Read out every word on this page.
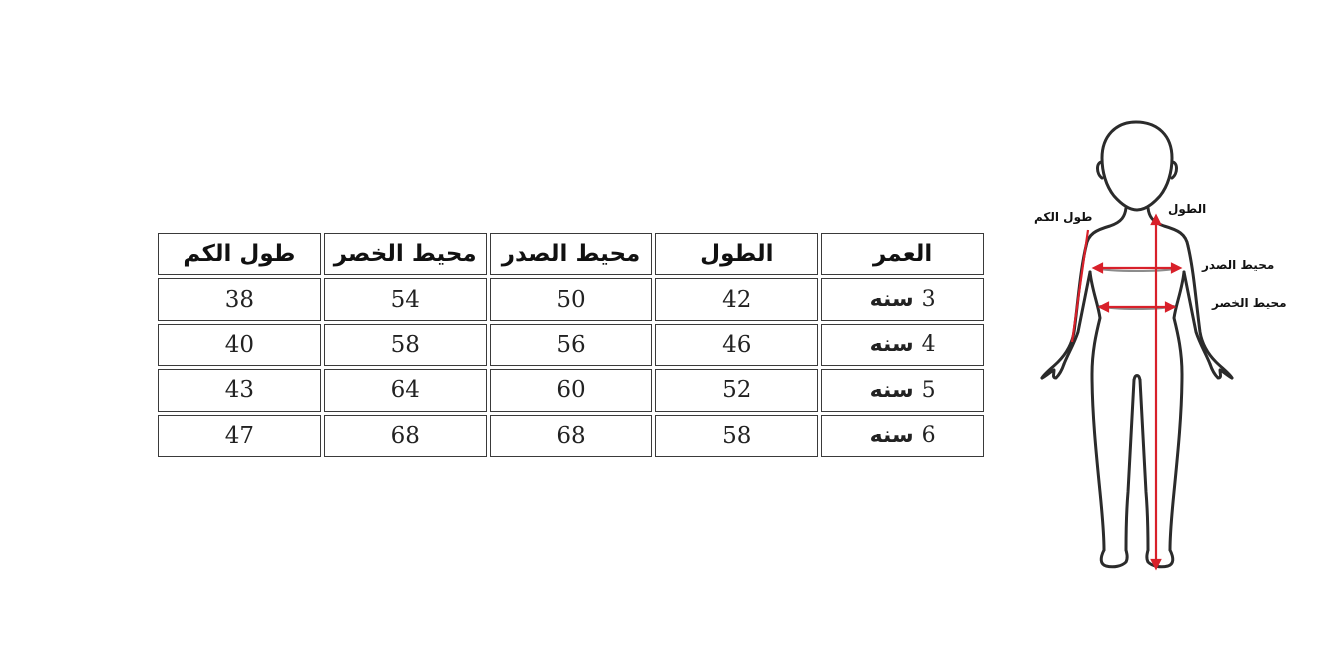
العمر
الطول
محيط الصدر
محيط الخصر
طول الكم
3
سنه
42
50
54
38
4
سنه
46
56
58
40
5
سنه
52
60
64
43
6
سنه
58
68
68
47
الطول
طول الكم
محيط الصدر
محيط الخصر
